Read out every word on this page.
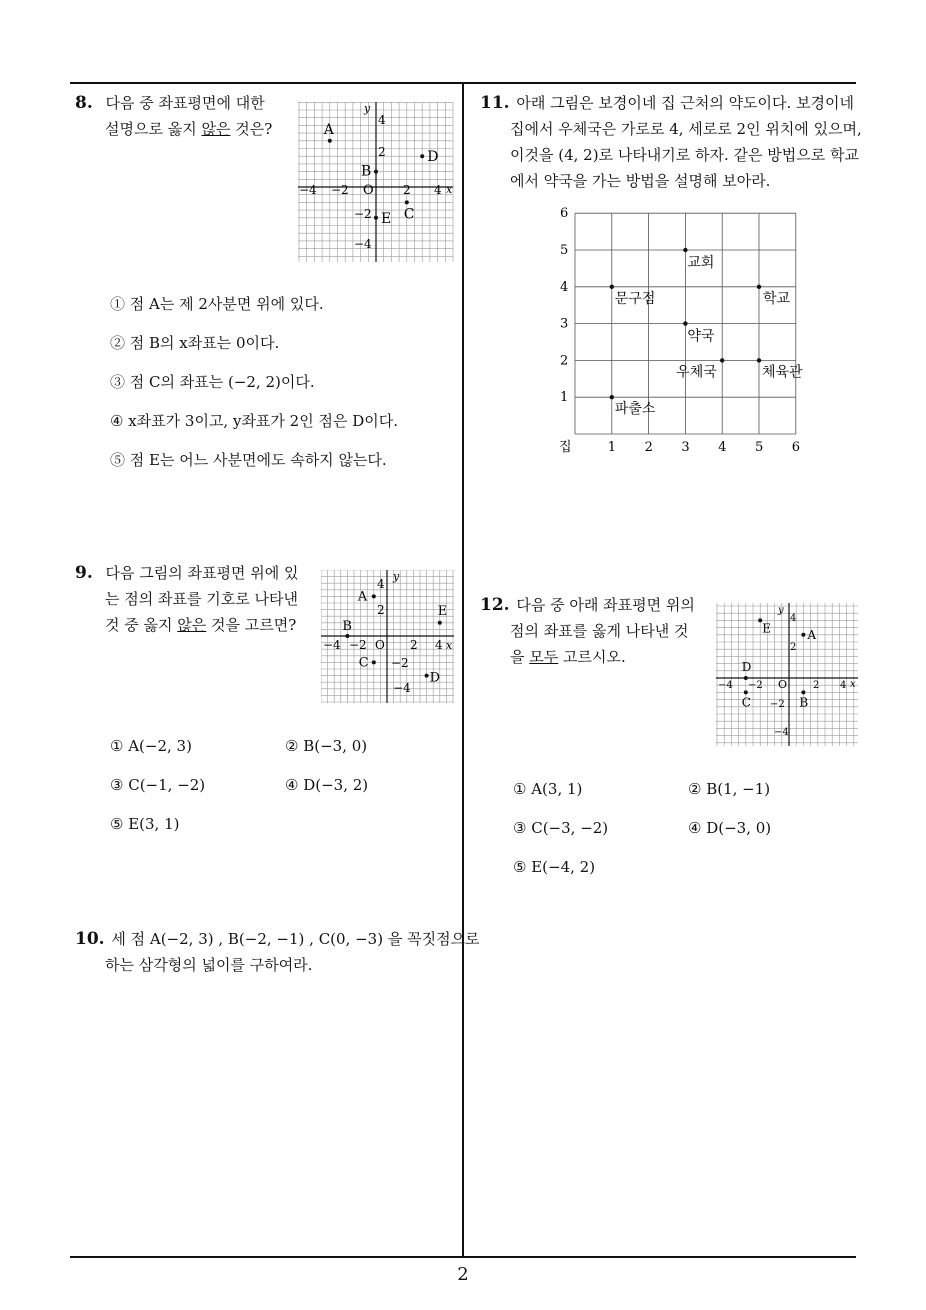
2
8. 다음 중 좌표평면에 대한
설명으로 옳지 않은 것은?
y
x
O
−4 −2	2 4
4
2
−2
−4
A
B
C
D
E
① 점 A는 제 2사분면 위에 있다.
② 점 B의 x좌표는 0이다.
③ 점 C의 좌표는 (−2, 2)이다.
④ x좌표가 3이고, y좌표가 2인 점은 D이다.
⑤ 점 E는 어느 사분면에도 속하지 않는다.
9. 다음 그림의 좌표평면 위에 있
는 점의 좌표를 기호로 나타낸
것 중 옳지 않은 것을 고르면?
y
x
O
−4 −2	2 4
4
2
−2
−4
A
B
C
D
E
① A(−2, 3)	② B(−3, 0)
③ C(−1, −2)	④ D(−3, 2)
⑤ E(3, 1)
10. 세 점 A(−2, 3) , B(−2, −1) , C(0, −3) 을 꼭짓점으로
하는 삼각형의 넓이를 구하여라.
11. 아래 그림은 보경이네 집 근처의 약도이다. 보경이네
집에서 우체국은 가로로 4, 세로로 2인 위치에 있으며,
이것을 (4, 2)로 나타내기로 하자. 같은 방법으로 학교
에서 약국을 가는 방법을 설명해 보아라.
1 2 3 4 5 6
1
2
3
4
5
6
집
교회
문구점	학교
약국
우체국	체육관
파출소
12. 다음 중 아래 좌표평면 위의
점의 좌표를 옳게 나타낸 것
을 모두 고르시오.
y
x
O
−4 −2	2 4
4
2
−2
−4
A
B
C
D
E
① A(3, 1)	② B(1, −1)
③ C(−3, −2)	④ D(−3, 0)
⑤ E(−4, 2)
